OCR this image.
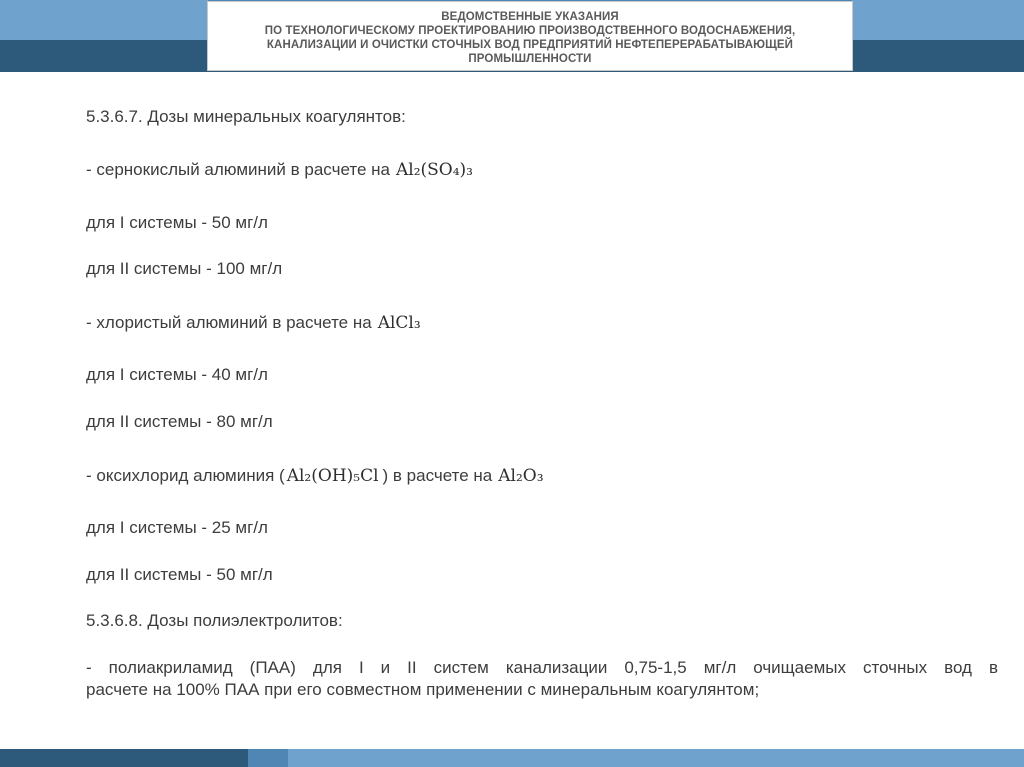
ВЕДОМСТВЕННЫЕ УКАЗАНИЯ
ПО ТЕХНОЛОГИЧЕСКОМУ ПРОЕКТИРОВАНИЮ ПРОИЗВОДСТВЕННОГО ВОДОСНАБЖЕНИЯ,
КАНАЛИЗАЦИИ И ОЧИСТКИ СТОЧНЫХ ВОД ПРЕДПРИЯТИЙ НЕФТЕПЕРЕРАБАТЫВАЮЩЕЙ
ПРОМЫШЛЕННОСТИ
5.3.6.7. Дозы минеральных коагулянтов:
- сернокислый алюминий в расчете на Al₂(SO₄)₃
для I системы - 50 мг/л
для II системы - 100 мг/л
- хлористый алюминий в расчете на AlCl₃
для I системы - 40 мг/л
для II системы - 80 мг/л
- оксихлорид алюминия ( Al₂(OH)₅Cl ) в расчете на Al₂O₃
для I системы - 25 мг/л
для II системы - 50 мг/л
5.3.6.8. Дозы полиэлектролитов:
- полиакриламид (ПАА) для I и II систем канализации 0,75-1,5 мг/л очищаемых сточных вод в
расчете на 100% ПАА при его совместном применении с минеральным коагулянтом;
